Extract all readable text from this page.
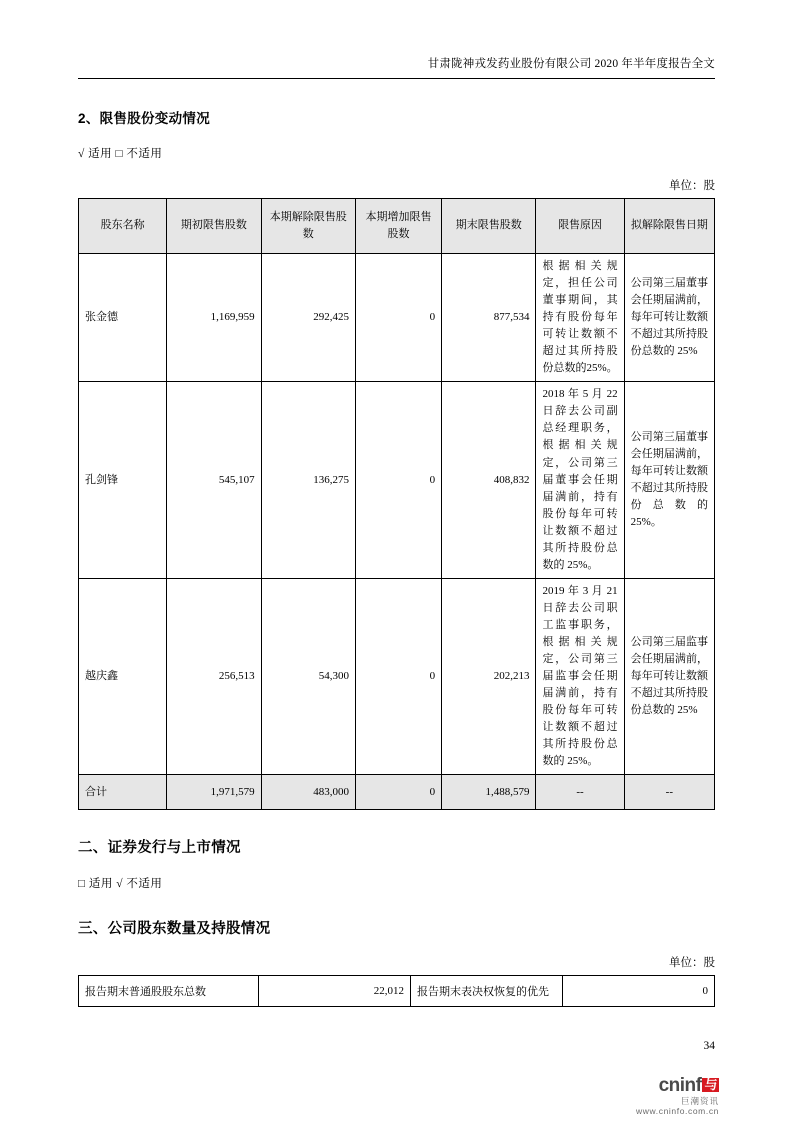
甘肃陇神戎发药业股份有限公司 2020 年半年度报告全文
2、限售股份变动情况

√ 适用 □ 不适用

单位：股
股东名称	期初限售股数	本期解除限售股数	本期增加限售股数	期末限售股数	限售原因	拟解除限售日期
张金德	1,169,959	292,425	0	877,534	根据相关规定，担任公司董事期间，其持有股份每年可转让数额不超过其所持股份总数的25%。	公司第三届董事会任期届满前，每年可转让数额不超过其所持股份总数的 25%
孔剑锋	545,107	136,275	0	408,832	2018 年 5 月 22 日辞去公司副总经理职务，根据相关规定，公司第三届董事会任期届满前，持有股份每年可转让数额不超过其所持股份总数的 25%。	公司第三届董事会任期届满前，每年可转让数额不超过其所持股份总数的 25%。
越庆鑫	256,513	54,300	0	202,213	2019 年 3 月 21 日辞去公司职工监事职务，根据相关规定，公司第三届监事会任期届满前，持有股份每年可转让数额不超过其所持股份总数的 25%。	公司第三届监事会任期届满前，每年可转让数额不超过其所持股份总数的 25%
合计	1,971,579	483,000	0	1,488,579	--	--
二、证券发行与上市情况

□ 适用 √ 不适用

三、公司股东数量及持股情况
单位：股
报告期末普通股股东总数	22,012	报告期末表决权恢复的优先	0
34
cninf 与
巨潮资讯
www.cninfo.com.cn
